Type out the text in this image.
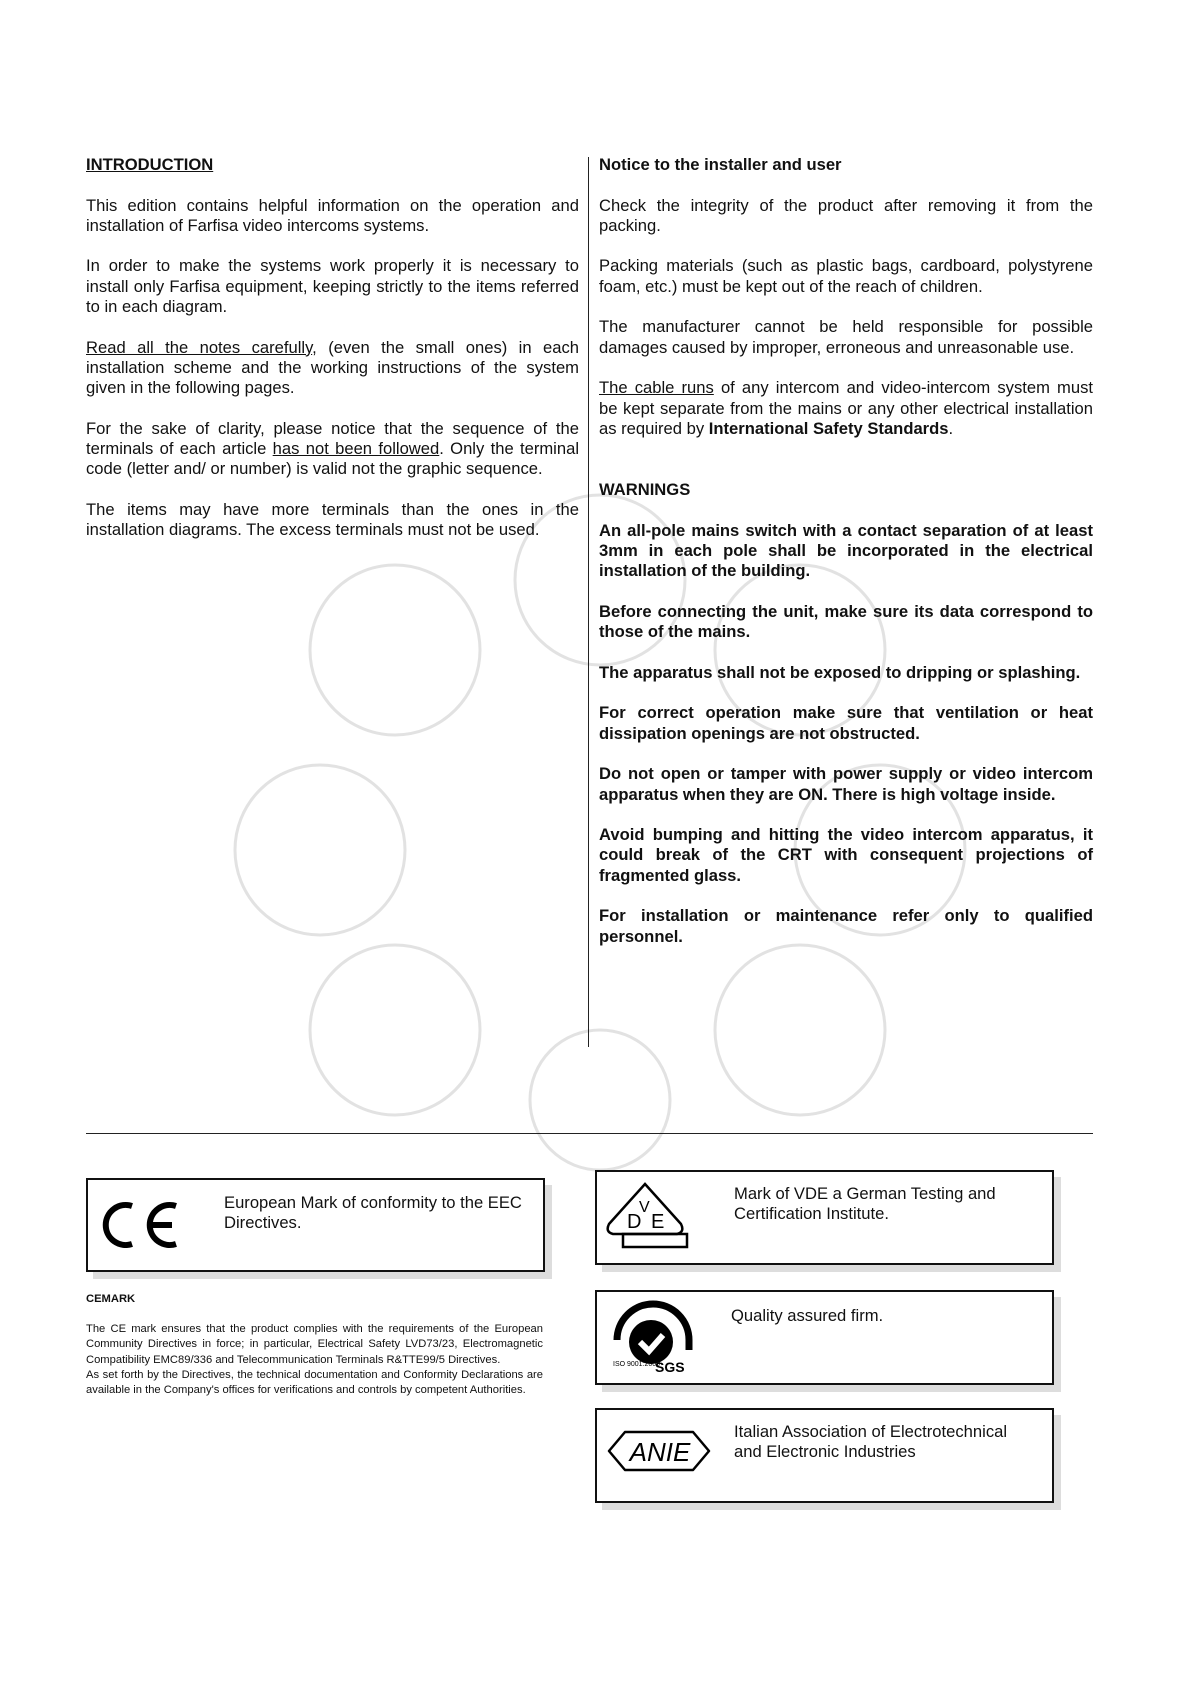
INTRODUCTION

This edition contains helpful information on the operation and installation of Farfisa video intercoms systems.

In order to make the systems work properly it is necessary to install only Farfisa equipment, keeping strictly to the items referred to in each diagram.

Read all the notes carefully, (even the small ones) in each installation scheme and the working instructions of the system given in the following pages.

For the sake of clarity, please notice that the sequence of the terminals of each article has not been followed. Only the terminal code (letter and/ or number) is valid not the graphic sequence.

The items may have more terminals than the ones in the installation diagrams. The excess terminals must not be used.

Notice to the installer and user

Check the integrity of the product after removing it from the packing.

Packing materials (such as plastic bags, cardboard, polystyrene foam, etc.) must be kept out of the reach of children.

The manufacturer cannot be held responsible for possible damages caused by improper, erroneous and unreasonable use.

The cable runs of any intercom and video-intercom system must be kept separate from the mains or any other electrical installation as required by International Safety Standards.

WARNINGS

An all-pole mains switch with a contact separation of at least 3mm in each pole shall be incorporated in the electrical installation of the building.

Before connecting the unit, make sure its data correspond to those of the mains.

The apparatus shall not be exposed to dripping or splashing.

For correct operation make sure that ventilation or heat dissipation openings are not obstructed.

Do not open or tamper with power supply or video intercom apparatus when they are ON. There is high voltage inside.

Avoid bumping and hitting the video intercom apparatus, it could break of the CRT with consequent projections of fragmented glass.

For installation or maintenance refer only to qualified personnel.

European Mark of conformity to the EEC Directives.
CEMARK

The CE mark ensures that the product complies with the requirements of the European Community Directives in force; in particular, Electrical Safety LVD73/23, Electromagnetic Compatibility EMC89/336 and Telecommunication Terminals R&TTE99/5 Directives.

As set forth by the Directives, the technical documentation and Conformity Declarations are available in the Company's offices for verifications and controls by competent Authorities.

D
V
E
Mark of VDE a German Testing and Certification Institute.
SGS
ISO 9001:2000
Quality assured firm.
ANIE
Italian Association of Electrotechnical and Electronic Industries
